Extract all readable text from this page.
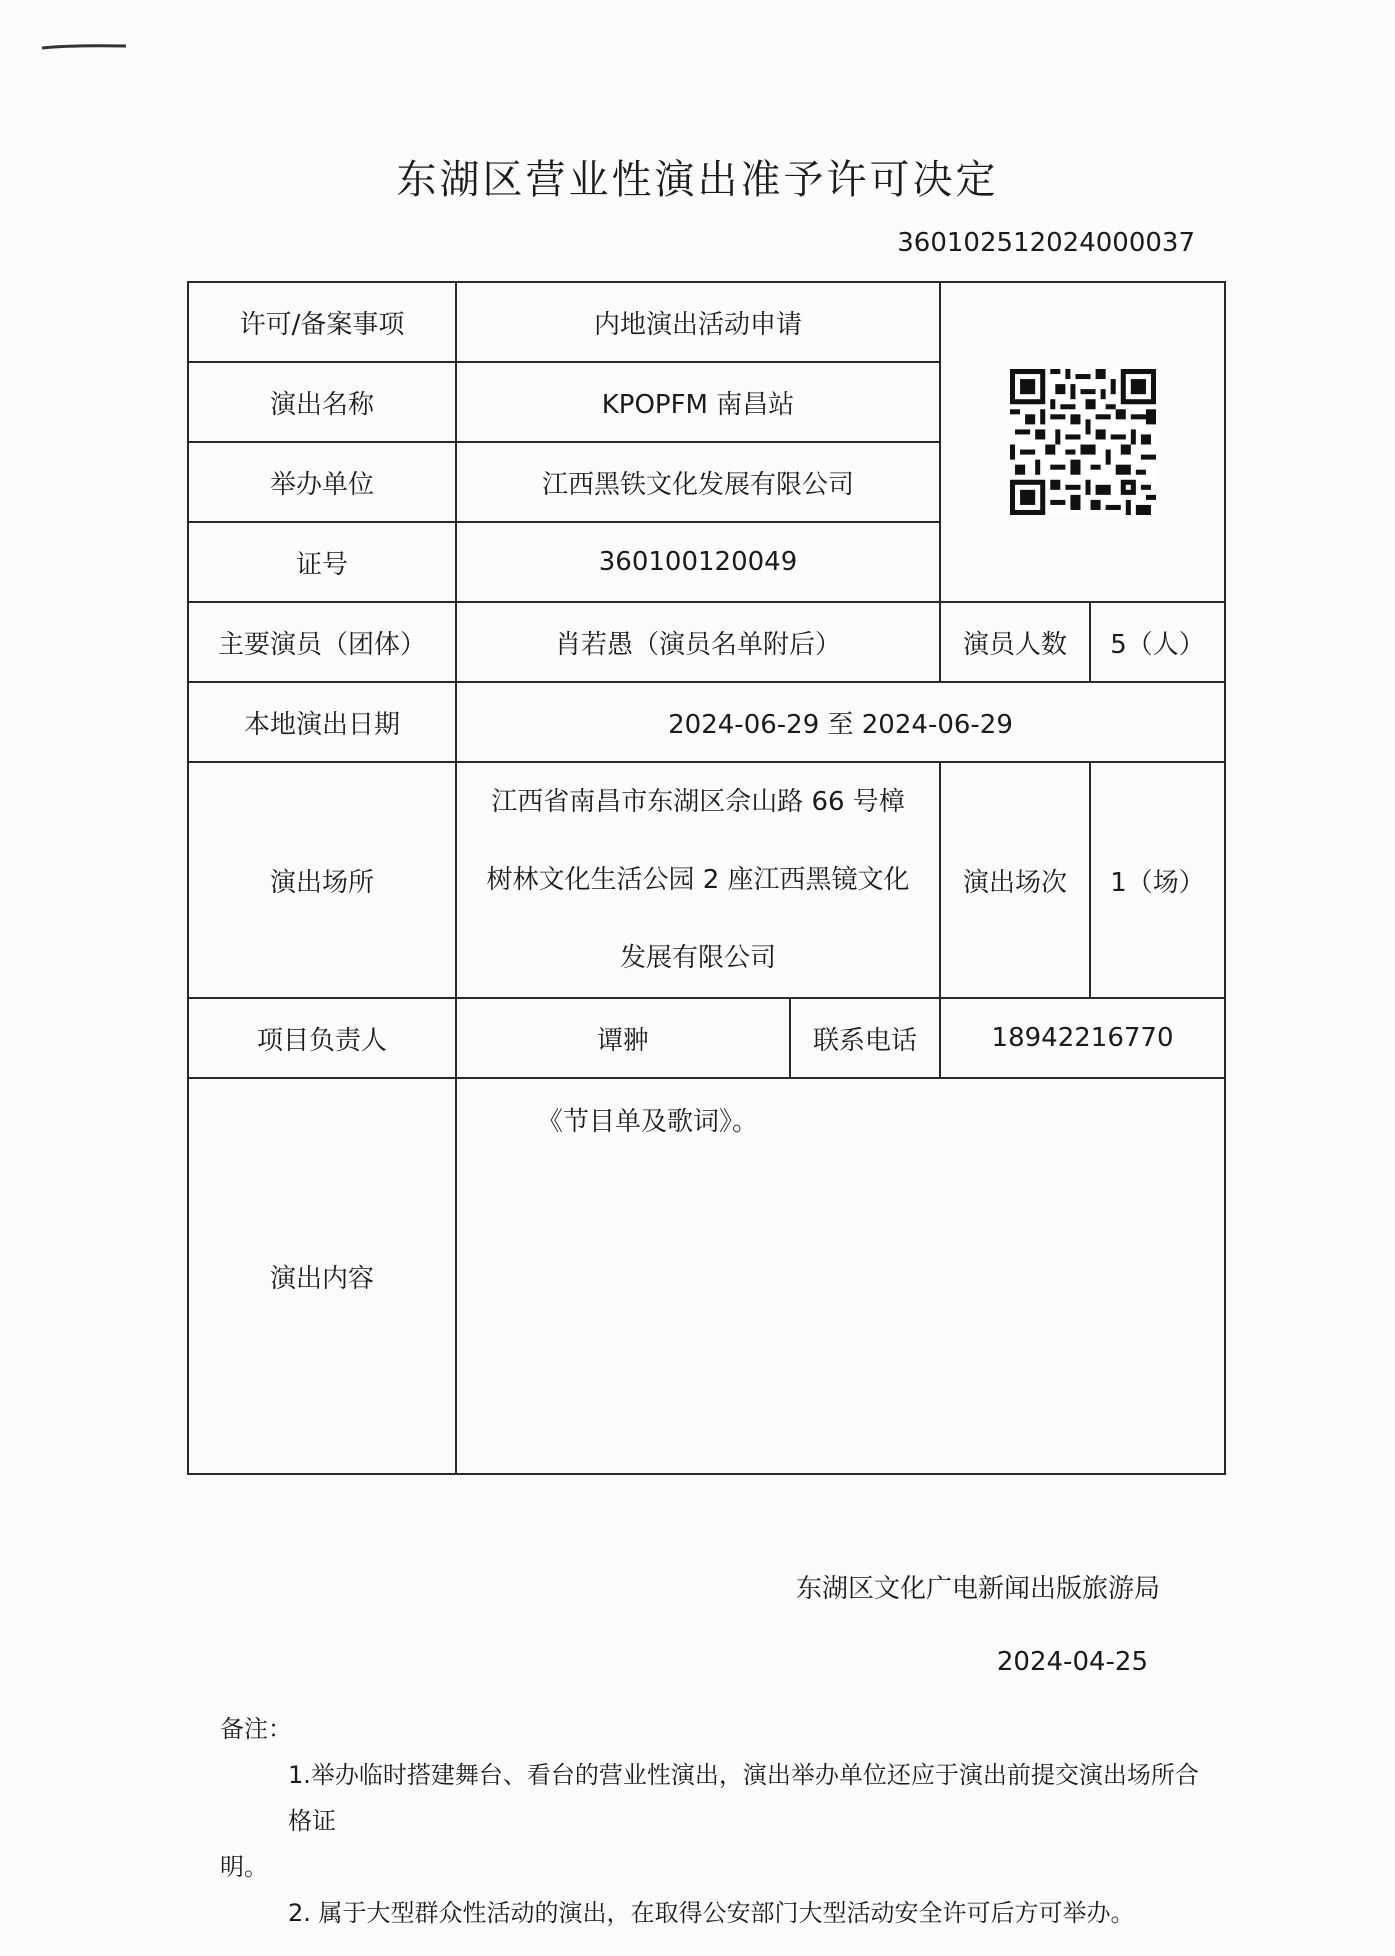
东湖区营业性演出准予许可决定
360102512024000037
许可/备案事项	内地演出活动申请	

演出名称	KPOPFM 南昌站			
举办单位	江西黑铁文化发展有限公司			
证号	360100120049			
主要演员（团体）	肖若愚（演员名单附后）		演员人数	5（人）
本地演出日期	2024-06-29 至 2024-06-29			
演出场所	江西省南昌市东湖区佘山路 66 号樟
树林文化生活公园 2 座江西黑镜文化
发展有限公司		演出场次	1（场）
项目负责人	谭翀	联系电话	18942216770	
演出内容	《节目单及歌词》。			
东湖区文化广电新闻出版旅游局
2024-04-25
备注：
1.举办临时搭建舞台、看台的营业性演出，演出举办单位还应于演出前提交演出场所合格证
明。
2. 属于大型群众性活动的演出，在取得公安部门大型活动安全许可后方可举办。
